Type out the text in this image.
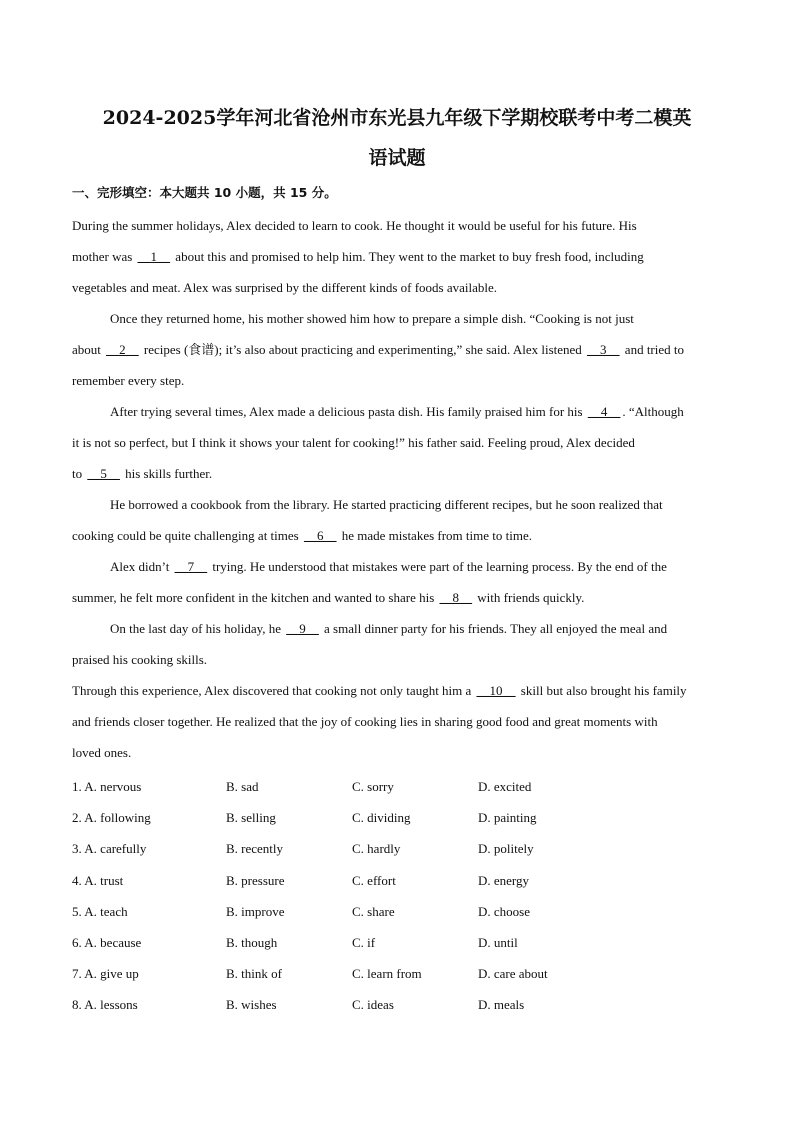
2024-2025学年河北省沧州市东光县九年级下学期校联考中考二模英
语试题
一、完形填空：本大题共 10 小题，共 15 分。
During the summer holidays, Alex decided to learn to cook. He thought it would be useful for his future. His
mother was __1__ about this and promised to help him. They went to the market to buy fresh food, including
vegetables and meat. Alex was surprised by the different kinds of foods available.
Once they returned home, his mother showed him how to prepare a simple dish. “Cooking is not just
about __2__ recipes (食谱); it’s also about practicing and experimenting,” she said. Alex listened __3__ and tried to
remember every step.
After trying several times, Alex made a delicious pasta dish. His family praised him for his __4__ . “Although
it is not so perfect, but I think it shows your talent for cooking!” his father said. Feeling proud, Alex decided
to __5__ his skills further.
He borrowed a cookbook from the library. He started practicing different recipes, but he soon realized that
cooking could be quite challenging at times __6__ he made mistakes from time to time.
Alex didn’t __7__ trying. He understood that mistakes were part of the learning process. By the end of the
summer, he felt more confident in the kitchen and wanted to share his __8__ with friends quickly.
On the last day of his holiday, he __9__ a small dinner party for his friends. They all enjoyed the meal and
praised his cooking skills.
Through this experience, Alex discovered that cooking not only taught him a __10__ skill but also brought his family
and friends closer together. He realized that the joy of cooking lies in sharing good food and great moments with
loved ones.
1. A. nervous	B. sad	C. sorry	D. excited
2. A. following	B. selling	C. dividing	D. painting
3. A. carefully	B. recently	C. hardly	D. politely
4. A. trust	B. pressure	C. effort	D. energy
5. A. teach	B. improve	C. share	D. choose
6. A. because	B. though	C. if	D. until
7. A. give up	B. think of	C. learn from	D. care about
8. A. lessons	B. wishes	C. ideas	D. meals
